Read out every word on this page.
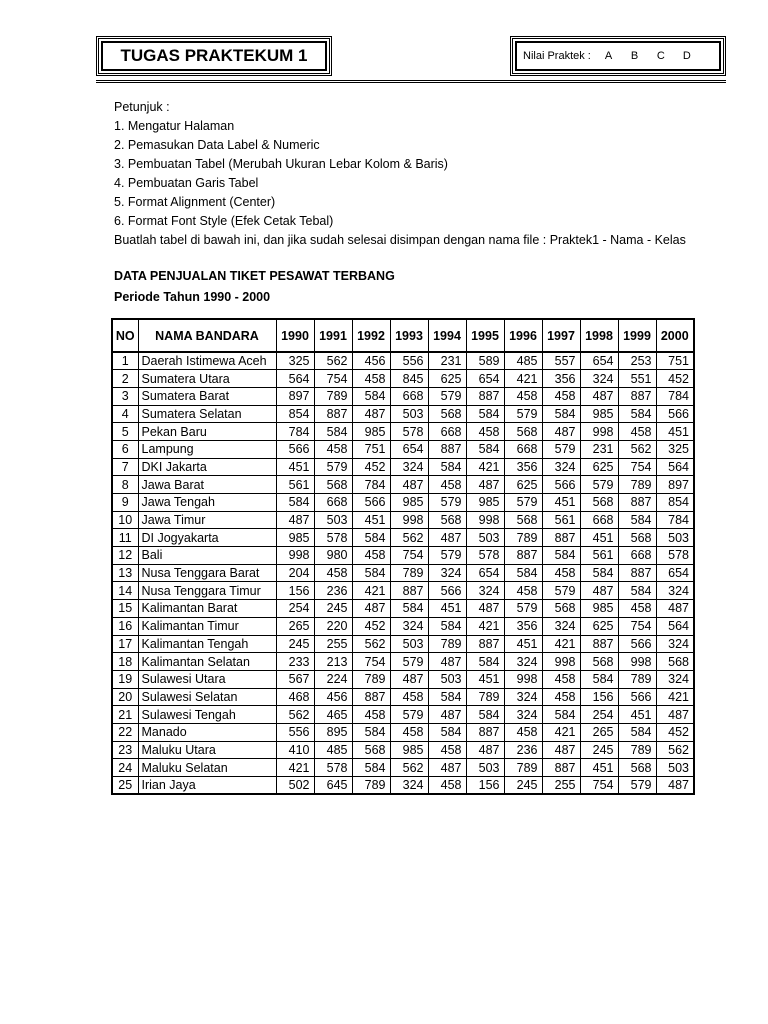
TUGAS PRAKTEKUM 1	Nilai Praktek : A	B	C	D
Petunjuk :
1. Mengatur Halaman
2. Pemasukan Data Label & Numeric
3. Pembuatan Tabel (Merubah Ukuran Lebar Kolom & Baris)
4. Pembuatan Garis Tabel
5. Format Alignment (Center)
6. Format Font Style (Efek Cetak Tebal)
Buatlah tabel di bawah ini, dan jika sudah selesai disimpan dengan nama file : Praktek1 - Nama - Kelas
DATA PENJUALAN TIKET PESAWAT TERBANG
Periode Tahun 1990 - 2000
NO	NAMA BANDARA	1990	1991	1992	1993	1994	1995	1996	1997	1998	1999	2000
1	Daerah Istimewa Aceh	325	562	456	556	231	589	485	557	654	253	751
2	Sumatera Utara	564	754	458	845	625	654	421	356	324	551	452
3	Sumatera Barat	897	789	584	668	579	887	458	458	487	887	784
4	Sumatera Selatan	854	887	487	503	568	584	579	584	985	584	566
5	Pekan Baru	784	584	985	578	668	458	568	487	998	458	451
6	Lampung	566	458	751	654	887	584	668	579	231	562	325
7	DKI Jakarta	451	579	452	324	584	421	356	324	625	754	564
8	Jawa Barat	561	568	784	487	458	487	625	566	579	789	897
9	Jawa Tengah	584	668	566	985	579	985	579	451	568	887	854
10	Jawa Timur	487	503	451	998	568	998	568	561	668	584	784
11	DI Jogyakarta	985	578	584	562	487	503	789	887	451	568	503
12	Bali	998	980	458	754	579	578	887	584	561	668	578
13	Nusa Tenggara Barat	204	458	584	789	324	654	584	458	584	887	654
14	Nusa Tenggara Timur	156	236	421	887	566	324	458	579	487	584	324
15	Kalimantan Barat	254	245	487	584	451	487	579	568	985	458	487
16	Kalimantan Timur	265	220	452	324	584	421	356	324	625	754	564
17	Kalimantan Tengah	245	255	562	503	789	887	451	421	887	566	324
18	Kalimantan Selatan	233	213	754	579	487	584	324	998	568	998	568
19	Sulawesi Utara	567	224	789	487	503	451	998	458	584	789	324
20	Sulawesi Selatan	468	456	887	458	584	789	324	458	156	566	421
21	Sulawesi Tengah	562	465	458	579	487	584	324	584	254	451	487
22	Manado	556	895	584	458	584	887	458	421	265	584	452
23	Maluku Utara	410	485	568	985	458	487	236	487	245	789	562
24	Maluku Selatan	421	578	584	562	487	503	789	887	451	568	503
25	Irian Jaya	502	645	789	324	458	156	245	255	754	579	487
